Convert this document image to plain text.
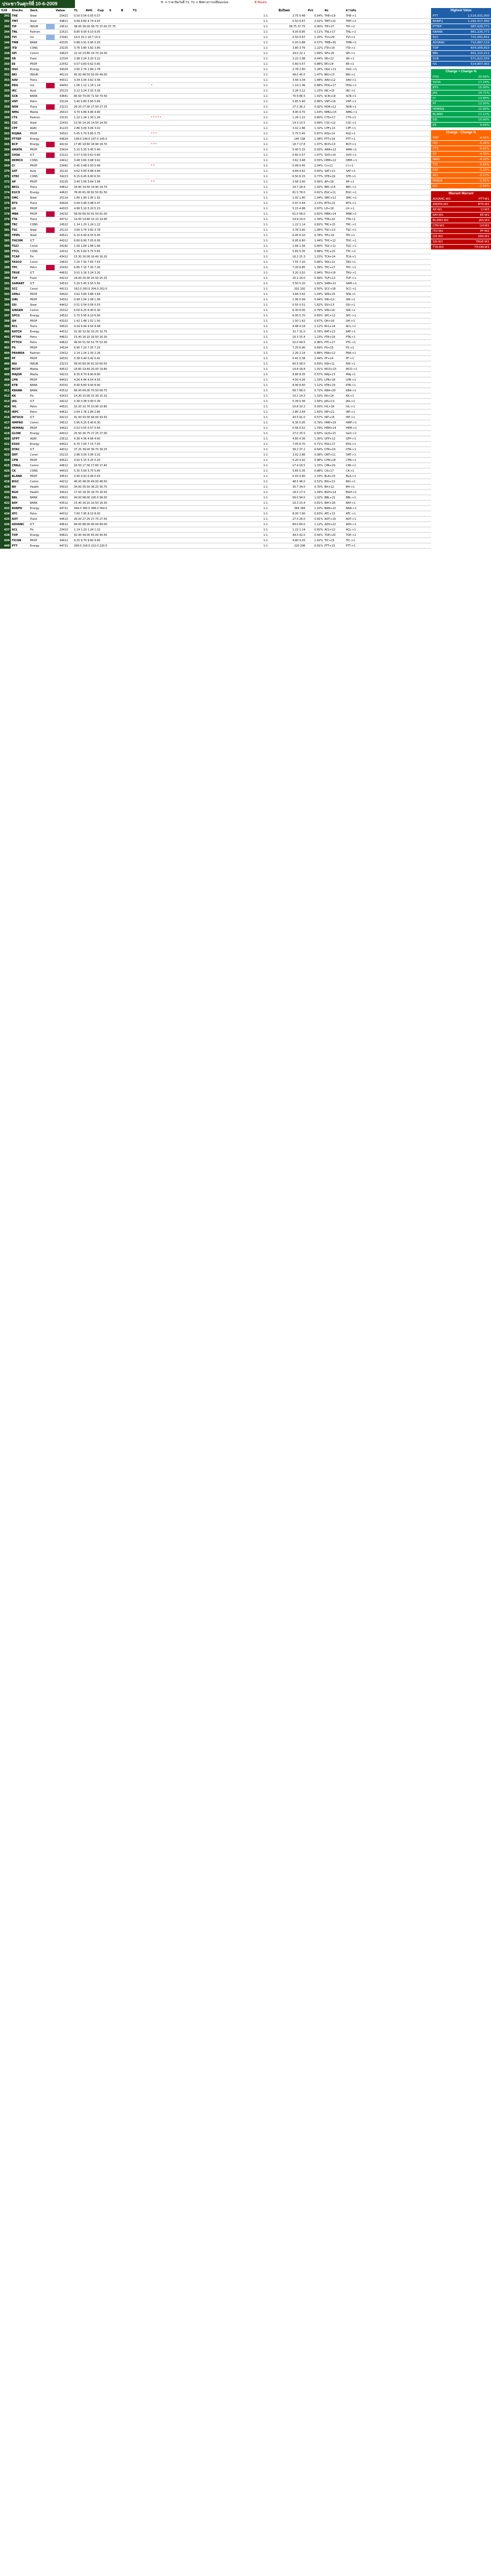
ประชาวันศุกร์ที่ 10-6-2009	Tr. = ราคาปิดวันนี้ T1, T2 = ทิศทางการเปลี่ยนแปลง	หัวข้อเด่น
528	Stocks	Sect.	Value	TL	AVG	Cup	S	B	T1	หุ้นปันผล	Pct	ล่ม	ดาวเด่น
341 THE	Steel	25421	0.50 0.54 0.55 0.57	1-1	2.75 0.48	0.54% THE+19	THE->1
342 TMT	Steel	44811	4.99 4.80 4.74 4.97	1-1	0.50 0.47	2.02% TMT+22	TMT->2
343 TIP	INSUR	24512	38.00 36.00 38.75 37.00 37.75	1-1	38.75 37.75	0.00% TIP+27	TIP->2
344 TNL	Fashion	22521	8.85 9.00 9.10 9.05	1-1	9.05 8.85	0.11% TNL+17	TNL->1
345 TVI	Ins	23341	14.0 15.2 14.7 15.0	1-1	0.50 0.47	1.20% TVI+29	TVI->1
346 TMB	BANK	43325	0.88 0.91 0.95 0.93	1-1	0.93 0.88	0.57% TMB+30	TMB->1
347 ITD	CONS	23225	3.76 3.80 3.82 3.80	1-1	3.80 3.76	1.22% ITD+19	ITD->1
348 SPI	Comm	34623	22.10 23.80 24.70 24.00	1-1	24.0 22.1	1.69% SPI+20	SPI->1
349 SR	Food	22324	2.98 3.24 3.20 3.22	1-1	3.22 2.98	0.44% SR+12	SR->1
350 EE	PROP	22552	0.57 0.60 0.62 0.60	1-1	0.60 0.57	0.88% EE+24	EE->1
351 OGC	Energy	34324	2.60 2.74 2.84 2.78	1-1	2.78 2.60	1.26% OGC+11	OGC->1
352 BKI	INSUR	46113	45.00 48.50 50.00 49.00	1-1	49.0 45.0	1.47% BKI+13	BKI->1
353 AAV	Trans	44311	3.34 3.54 3.62 3.56	1-1	3.56 3.34	1.68% AAV+12	AAV->1
354 PDG	Ind	44452	1.06 1.12 1.16 1.14	*	1-1	1.14 1.06	0.88% PDG+17	PDG->1
355 IRC	Auto	25123	3.12 3.24 3.32 3.26	1-1	3.26 3.12	1.23% IRC+15	IRC->1
356 SCB	BANK	43641	66.50 70.00 71.50 70.50	1-1	70.5 66.5	1.42% SCB+19	SCB->1
357 VNT	Petro	33124	5.40 5.80 5.95 5.85	1-1	5.85 5.40	0.86% VNT+16	VNT->1
358 NOK	Trans	23211	26.25 27.00 27.50 27.25	1-1	27.2 26.2	0.92% NOK+12	NOK->1
359 NMG	Media	26413	4.70 4.86 4.96 4.90	1-1	4.90 4.70	1.63% NMG+15	NMG->1
360 CTS	Fashion	23131	1.22 1.24 1.30 1.26	* * * * *	1-1	1.26 1.22	0.80% CTS+17	CTS->1
361 CSC	Steel	22432	13.50 14.20 14.50 14.30	1-1	14.3 13.5	0.69% CSC+12	CSC->1
362 CPF	AGRI	41223	2.86 3.00 3.06 3.02	1-1	3.02 2.86	1.32% CPF+13	CPF->1
363 ROJNA	PROP	34321	5.45 5.70 5.85 5.75	* * *	1-1	5.75 5.45	0.87% ROJ+14	ROJ->1
364 PTTEP	Energy	44624	138.0 144.0 147.0 145.0	1-1	145 138	1.38% PTT+19	PTT->1
365 BCP	Energy	44132	17.80 18.60 18.90 18.70	* * *	1-1	18.7 17.8	1.07% BCP+13	BCP->1
366 AMATA	PROP	33414	5.15 5.35 5.45 5.40	1-1	5.40 5.15	0.93% AMA+12	AMA->1
367 SVOA	ICT	23121	0.57 0.59 0.61 0.60	1-1	0.60 0.57	1.67% SVO+14	SVO->1
368 DEMCO	CONS	24412	3.48 3.60 3.68 3.62	1-1	3.62 3.48	0.55% DEM+12	DEM->1
369 CI	PROP	23442	0.45 0.48 0.50 0.49	* *	1-1	0.49 0.45	2.04% CI+11	CI->1
370 SAT	Auto	25132	4.62 4.80 4.88 4.84	1-1	4.84 4.62	0.83% SAT+13	SAT->1
371 STEC	CONS	34223	6.15 6.45 6.60 6.50	1-1	6.50 6.15	0.77% STE+19	STE->1
372 AP	PROP	33225	3.40 3.56 3.64 3.58	* *	1-1	3.58 3.40	0.56% AP+18	AP->1
373 BECL	Trans	44812	18.90 19.50 19.90 19.70	1-1	19.7 18.9	1.02% BEC+15	BEC->1
374 EGCO	Energy	44621	78.00 81.00 82.50 81.50	1-1	81.5 78.0	0.61% EGC+11	EGC->1
375 SMC	Steel	25114	1.80 1.90 1.95 1.92	1-1	1.92 1.80	1.04% SMC+12	SMC->1
376 BTS	Trans	44424	0.44 0.46 0.48 0.47	1-1	0.47 0.44	2.13% BTS+21	BTS->1
377 LH	PROP	44323	4.88 5.10 5.20 5.15	1-1	5.15 4.88	0.97% LH+18	LH->1
378 MBK	PROP	34232	58.00 60.50 61.50 61.00	1-1	61.0 58.0	0.82% MBK+14	MBK->1
379 TTA	Trans	44712	14.00 14.80 15.10 14.90	1-1	14.9 14.0	1.34% TTA+22	TTA->1
380 TRC	CONS	24522	1.14 1.20 1.24 1.22	1-1	1.22 1.14	0.82% TRC+15	TRC->1
381 TSC	Steel	25123	3.60 3.74 3.82 3.78	1-1	3.78 3.60	1.06% TSC+13	TSC->1
382 TPIPL	Steel	44521	6.10 6.40 6.55 6.45	1-1	6.45 6.10	0.78% TPI+19	TPI->1
383 THCOM	ICT	44312	6.60 6.90 7.05 6.95	1-1	6.95 6.60	1.44% THC+12	THC->1
384 TGCI	Const	34142	1.56 1.64 1.68 1.66	1-1	1.66 1.56	0.60% TGC+11	TGC->1
385 TTCL	CONS	24312	5.35 5.60 5.75 5.65	1-1	5.65 5.35	0.88% TTC+15	TTC->1
386 TCAP	Fin	43412	15.30 16.00 16.40 16.20	1-1	16.2 15.3	1.23% TCA+14	TCA->1
387 TASCO	Const	24631	7.20 7.50 7.65 7.55	1-1	7.55 7.20	0.66% TAS+12	TAS->1
388 TPC	Petro	25432	6.85 7.15 7.30 7.20	1-1	7.20 6.85	1.39% TPC+17	TPC->1
389 TRUE	ICT	44631	3.02 3.16 3.24 3.20	1-1	3.20 3.02	0.94% TRU+19	TRU->1
390 TUF	Food	44213	24.00 25.00 25.50 25.25	1-1	25.2 24.0	0.99% TUF+13	TUF->1
391 SAMART	ICT	34513	5.20 5.45 5.55 5.50	1-1	5.50 5.20	1.82% SAM+21	SAM->1
392 SCC	Const	44111	192.0 200.0 204.0 202.0	1-1	202 192	0.50% SCC+18	SCC->1
393 SPALI	PROP	34422	3.62 3.80 3.88 3.84	1-1	3.84 3.62	1.04% SPA+15	SPA->1
394 SIRI	PROP	34322	0.99 1.04 1.08 1.06	1-1	1.06 0.99	0.94% SIR+12	SIR->1
395 SSI	Steel	44412	0.51 0.54 0.56 0.55	1-1	0.55 0.51	1.82% SSI+13	SSI->1
396 SINGER	Comm	25312	6.00 6.25 6.40 6.30	1-1	6.30 6.00	0.79% SIN+14	SIN->1
397 SPCG	Energy	24522	5.70 5.95 6.10 6.00	1-1	6.00 5.70	0.83% SPC+12	SPC->1
398 QH	PROP	43322	1.42 1.48 1.52 1.50	1-1	1.50 1.42	0.67% QH+16	QH->1
399 RCL	Trans	34521	4.24 4.44 4.54 4.48	1-1	4.48 4.24	1.12% RCL+14	RCL->1
400 RATCH	Energy	44312	31.00 32.50 33.25 32.75	1-1	32.7 31.0	0.76% RAT+13	RAT->1
401 PTTAR	Petro	44621	15.40 16.10 16.50 16.30	1-1	16.3 15.4	1.23% PTA+19	PTA->1
402 PTTCH	Petro	44622	49.50 51.50 52.75 52.00	1-1	52.0 49.5	0.96% PTC+17	PTC->1
403 PS	PROP	34524	6.90 7.20 7.35 7.25	1-1	7.25 6.90	0.69% PS+15	PS->1
404 PRANDA	Fashion	23412	2.14 2.24 2.30 2.26	1-1	2.26 2.14	0.88% PRA+12	PRA->1
405 PF	PROP	34331	0.38 0.40 0.42 0.41	1-1	0.41 0.38	2.44% PF+14	PF->1
406 NSI	INSUR	23213	58.00 60.00 61.50 60.50	1-1	60.5 58.0	0.83% NSI+11	NSI->1
407 MCOT	Media	44512	18.80 19.60 20.00 19.80	1-1	19.8 18.8	1.01% MCO+15	MCO->1
408 MAJOR	Media	34213	8.35 8.70 8.90 8.80	1-1	8.80 8.35	0.57% MAJ+13	MAJ->1
409 LPN	PROP	44421	4.26 4.44 4.54 4.50	1-1	4.50 4.26	1.33% LPN+18	LPN->1
410 KTB	BANK	43331	8.40 8.80 9.00 8.90	1-1	8.90 8.40	1.12% KTB+19	KTB->1
411 KBANK	BANK	43512	66.00 69.00 70.50 69.75	1-1	69.7 66.0	0.72% KBA+20	KBA->1
412 KK	Fin	43413	14.30 15.00 15.30 15.10	1-1	15.1 14.3	1.32% KK+14	KK->1
413 JAS	ICT	34212	0.36 0.38 0.40 0.39	1-1	0.39 0.36	2.56% JAS+13	JAS->1
414 IVL	Petro	44521	10.20 10.70 10.90 10.80	1-1	10.8 10.2	0.93% IVL+18	IVL->1
415 IRPC	Petro	44612	2.64 2.76 2.84 2.80	1-1	2.80 2.64	1.43% IRP+21	IRP->1
416 INTUCH	ICT	44213	41.00 43.00 44.00 43.50	1-1	43.5 41.0	0.57% INT+15	INT->1
417 HMPRO	Comm	34512	5.95 6.25 6.40 6.30	1-1	6.30 5.95	0.79% HMP+16	HMP->1
418 HEMRAJ	PROP	34421	0.52 0.55 0.57 0.56	1-1	0.56 0.52	1.79% HEM+14	HEM->1
419 GLOW	Energy	44312	25.50 26.75 27.25 27.00	1-1	27.0 25.5	0.93% GLO+13	GLO->1
420 GFPT	AGRI	23512	4.36 4.56 4.66 4.60	1-1	4.60 4.36	1.30% GFP+12	GFP->1
421 ESSO	Energy	44421	6.70 7.00 7.15 7.05	1-1	7.05 6.70	0.71% ESS+17	ESS->1
422 DTAC	ICT	44312	37.25 39.00 39.75 39.25	1-1	39.2 37.2	0.64% DTA+19	DTA->1
423 DRT	Const	25213	2.86 3.00 3.06 3.02	1-1	3.02 2.86	0.99% DRT+11	DRT->1
424 CPN	PROP	44521	4.92 5.15 5.25 5.20	1-1	5.20 4.92	0.96% CPN+18	CPN->1
425 CPALL	Comm	44612	16.50 17.30 17.60 17.40	1-1	17.4 16.5	1.15% CPA+20	CPA->1
426 CK	CONS	44413	5.35 5.60 5.75 5.65	1-1	5.65 5.35	0.88% CK+17	CK->1
427 BLAND	PROP	34521	0.40 0.42 0.44 0.43	1-1	0.43 0.40	2.33% BLA+15	BLA->1
428 BIGC	Comm	44212	46.00 48.00 49.00 48.50	1-1	48.5 46.0	0.52% BIG+13	BIG->1
429 BH	Health	34313	34.00 35.50 36.25 35.75	1-1	35.7 34.0	0.70% BH+12	BH->1
430 BGH	Health	34412	17.50 18.30 18.70 18.50	1-1	18.5 17.5	1.09% BGH+14	BGH->1
431 BBL	BANK	43621	94.00 98.00 100.0 99.00	1-1	99.0 94.0	1.02% BBL+21	BBL->1
432 BAY	BANK	43512	15.40 16.10 16.50 16.30	1-1	16.3 15.4	0.61% BAY+18	BAY->1
433 BANPU	Energy	44721	344.0 360.0 368.0 364.0	1-1	364 344	1.10% BAN+22	BAN->1
434 ATC	Petro	44312	7.60 7.95 8.10 8.00	1-1	8.00 7.60	0.63% ATC+13	ATC->1
435 AOT	Trans	44513	26.00 27.25 27.75 27.50	1-1	27.5 26.0	0.91% AOT+19	AOT->1
436 ADVANC	ICT	44612	84.00 88.00 90.00 89.00	1-1	89.0 84.0	1.12% ADV+22	ADV->1
437 ACL	Fin	23413	1.14 1.20 1.24 1.22	1-1	1.22 1.14	0.82% ACL+12	ACL->1
438 TOP	Energy	44621	42.00 44.00 45.00 44.50	1-1	44.5 42.0	0.56% TOP+20	TOP->1
439 TICON	PROP	34412	9.25 9.70 9.90 9.80	1-1	9.80 9.25	1.02% TIC+15	TIC->1
440 PTT	Energy	44721	208.0 218.0 222.0 220.0	1-1	220 208	0.91% PTT+23	PTT->1
Highest Value
PTT	1,516,931,000
BANPU	1,292,417,000
PTTEP	987,429,771
KBANK	861,226,771
SCC	721,091,651
ADVANC	712,887,115
TOP	654,309,810
BBL	601,115,211
SCB	571,622,555
IVL	514,807,002
Change + Change %
PDG	20.00%
SVOA	17.24%
BTS	15.00%
JAS	14.71%
CI	13.95%
PF	12.50%
HEMRAJ	12.00%
BLAND	11.11%
SSI	10.00%
EE	9.09%
Change - Change %
TMT	-6.00%
ITD	-5.26%
CTS	-4.62%
SR	-4.35%
NMG	-4.10%
TSC	-3.66%
DRT	-3.23%
ACL	-3.17%
MAJOR	-2.81%
NSI	-2.46%
Warrant Warrant
ADVANC-W1	PTT-W1
AMATA-W2	BTS-W2
AP-W1	CI-W3
BAY-W1	EE-W1
BLAND-W1	JAS-W3
CPN-W1	LH-W1
ITD-W2	PF-W2
QH-W2	SIRI-W1
SSI-W2	TRUE-W1
TTA-W3	TICON-W1
